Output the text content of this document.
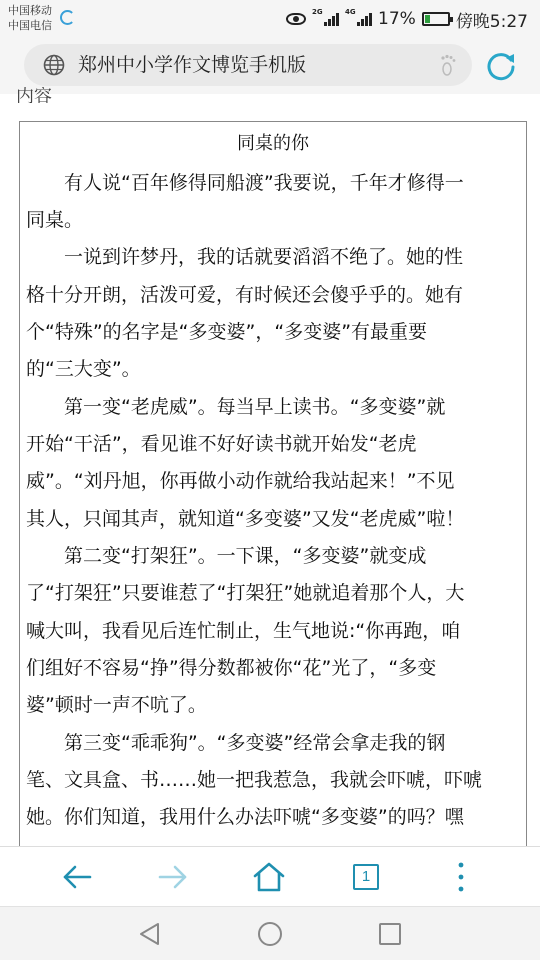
中国移动
中国电信
2G	4G 17% 傍晚5:27
郑州中小学作文博览手机版
内容
同桌的你
　　有人说“百年修得同船渡”我要说，千年才修得一
同桌。
　　一说到许梦丹，我的话就要滔滔不绝了。她的性
格十分开朗，活泼可爱，有时候还会傻乎乎的。她有
个“特殊”的名字是“多变婆”，“多变婆”有最重要
的“三大变”。
　　第一变“老虎威”。每当早上读书。“多变婆”就
开始“干活”，看见谁不好好读书就开始发“老虎
威”。“刘丹旭，你再做小动作就给我站起来！”不见
其人，只闻其声，就知道“多变婆”又发“老虎威”啦！
　　第二变“打架狂”。一下课，“多变婆”就变成
了“打架狂”只要谁惹了“打架狂”她就追着那个人，大
喊大叫，我看见后连忙制止，生气地说:“你再跑，咱
们组好不容易“挣”得分数都被你“花”光了，“多变
婆”顿时一声不吭了。
　　第三变“乖乖狗”。“多变婆”经常会拿走我的钢
笔、文具盒、书……她一把我惹急，我就会吓唬，吓唬
她。你们知道，我用什么办法吓唬“多变婆”的吗？嘿
1
